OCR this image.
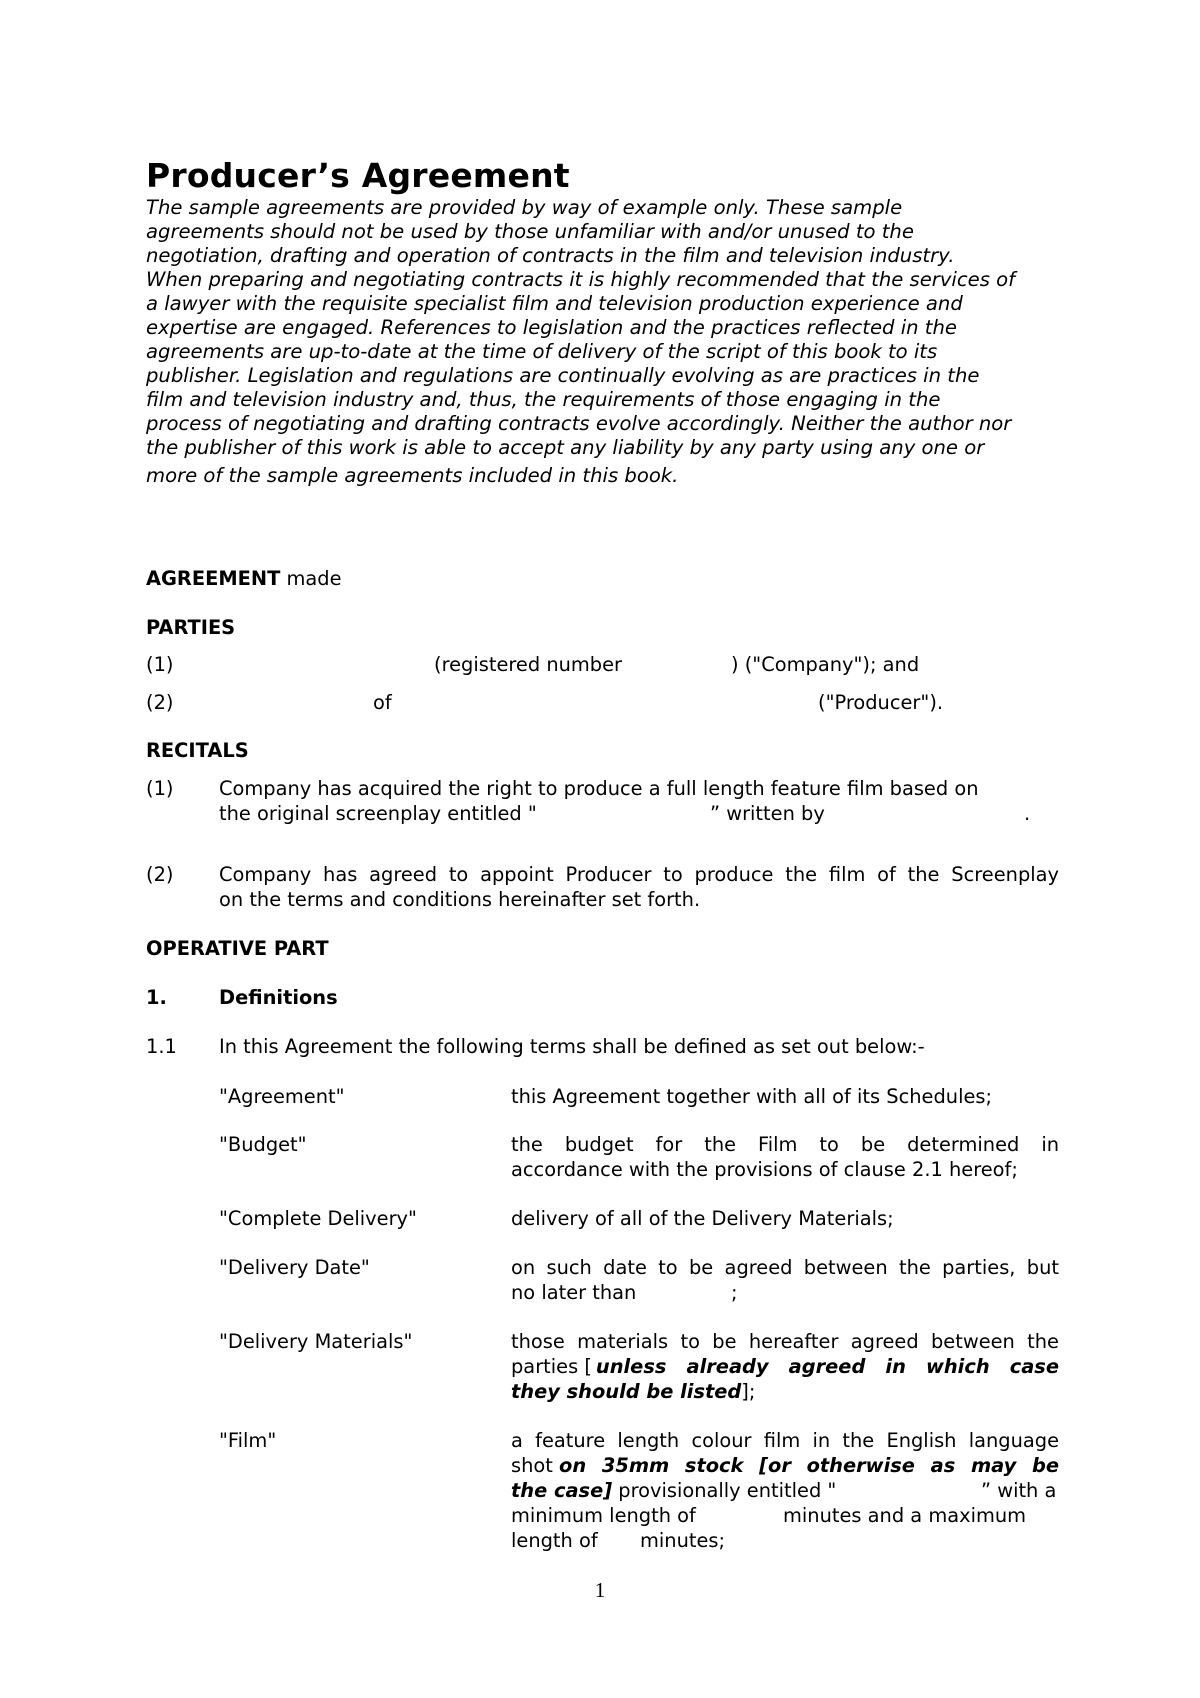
Producer’s Agreement
The sample agreements are provided by way of example only. These sample
agreements should not be used by those unfamiliar with and/or unused to the
negotiation, drafting and operation of contracts in the film and television industry.
When preparing and negotiating contracts it is highly recommended that the services of
a lawyer with the requisite specialist film and television production experience and
expertise are engaged. References to legislation and the practices reflected in the
agreements are up-to-date at the time of delivery of the script of this book to its
publisher. Legislation and regulations are continually evolving as are practices in the
film and television industry and, thus, the requirements of those engaging in the
process of negotiating and drafting contracts evolve accordingly. Neither the author nor
the publisher of this work is able to accept any liability by any party using any one or
more of the sample agreements included in this book.
AGREEMENT made
PARTIES
(1)	(registered number	) ("Company"); and
(2)	of	("Producer").
RECITALS
(1) Company has acquired the right to produce a full length feature film based on
the original screenplay entitled "	” written by	.
(2) Company has agreed to appoint Producer to produce the film of the Screenplay
on the terms and conditions hereinafter set forth.
OPERATIVE PART
1.	Definitions
1.1 In this Agreement the following terms shall be defined as set out below:-
"Agreement"	this Agreement together with all of its Schedules;
"Budget"	the budget for the Film to be determined in
accordance with the provisions of clause 2.1 hereof;
"Complete Delivery"	delivery of all of the Delivery Materials;
"Delivery Date"	on such date to be agreed between the parties, but
no later than	;
"Delivery Materials"	those materials to be hereafter agreed between the
parties [ unless already agreed in which case
they should be listed];
"Film"	a feature length colour film in the English language
shot on 35mm stock [or otherwise as may be
the case] provisionally entitled "	” with a
minimum length of	minutes and a maximum
length of minutes;
1
